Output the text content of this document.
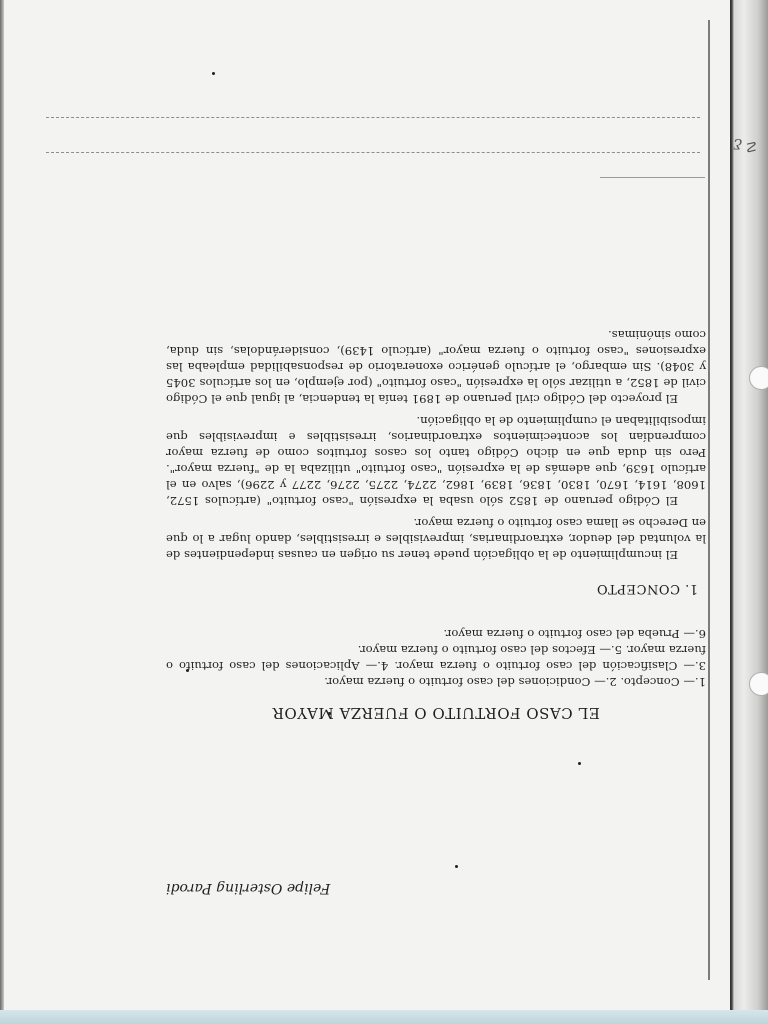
☡ ƹ
Felipe Osterling Parodi
EL CASO FORTUITO O FUERZA MAYOR

1.— Concepto. 2.— Condiciones del caso fortuito o fuerza mayor.

3.— Clasificación del caso fortuito o fuerza mayor. 4.— Aplicaciones del caso fortuito o fuerza mayor. 5.— Efectos del caso fortuito o fuerza mayor.

6.— Prueba del caso fortuito o fuerza mayor.

1. CONCEPTO

El incumplimiento de la obligación puede tener su origen en causas independientes de la voluntad del deudor, extraordinarias, imprevisibles e irresistibles, dando lugar a lo que en Derecho se llama caso fortuito o fuerza mayor.

El Código peruano de 1852 sólo usaba la expresión "caso fortuito" (artículos 1572, 1608, 1614, 1670, 1830, 1836, 1839, 1862, 2274, 2275, 2276, 2277 y 2296), salvo en el artículo 1639, que además de la expresión "caso fortuito" utilizaba la de "fuerza mayor". Pero sin duda que en dicho Código tanto los casos fortuitos como de fuerza mayor comprendían los acontecimientos extraordinarios, irresistibles e imprevisibles que imposibilitaban el cumplimiento de la obligación.

El proyecto del Código civil peruano de 1891 tenía la tendencia, al igual que el Código civil de 1852, a utilizar sólo la expresión "caso fortuito" (por ejemplo, en los artículos 3045 y 3048). Sin embargo, el artículo genérico exoneratorio de responsabilidad empleaba las expresiones "caso fortuito o fuerza mayor" (artículo 1439), considerándolas, sin duda, como sinónimas.
